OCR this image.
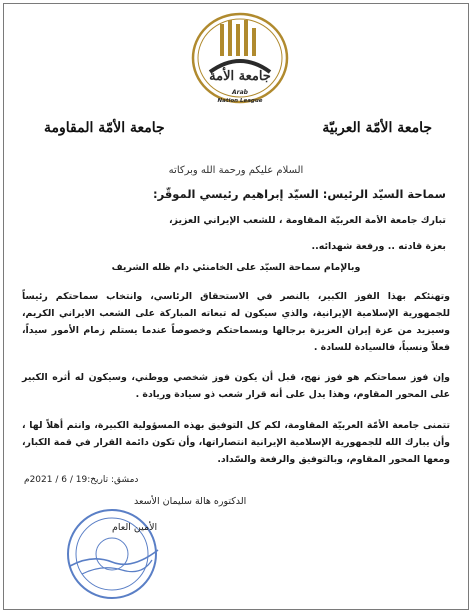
جامعة الأمة
Arab
Nation League
جامعة الأمّة العربيّة
جامعة الأمّة المقاومة
السلام عليكم ورحمة الله وبركاته
سماحة السيّد الرئيس: السيّد إبراهيم رئيسي الموقّر:
تبارك جامعة الأمة العربيّة المقاومة ، للشعب الإيراني العزيز،
بعزة قادته .. ورفعة شهدائه..
وبالإمام سماحة السيّد على الخامنئي دام ظله الشريف
وتهنئكم بهذا الفوز الكبير، بالنصر في الاستحقاق الرئاسي، وانتخاب سماحتكم رئيساً للجمهورية الإسلامية الإيرانية، والذي سيكون له تبعاته المباركة على الشعب الايراني الكريم، وسيزيد من عزة إيران العزيزة برجالها وبسماحتكم وخصوصاً عندما يستلم زمام الأمور سيداً، فعلاً ونسباً، فالسيادة للسادة .
وإن فوز سماحتكم هو فوز نهج، قبل أن يكون فوز شخصي ووطني، وسيكون له أثره الكبير على المحور المقاوم، وهذا يدل على أنه قرار شعب ذو سيادة وريادة .
تتمنى جامعة الأمّة العربيّة المقاومة، لكم كل التوفيق بهذه المسؤولية الكبيرة، وانتم أهلاً لها ، وأن يبارك الله للجمهورية الإسلامية الإيرانية انتصاراتها، وأن تكون دائمة القرار في قمة الكبار، ومعها المحور المقاوم، وبالتوفيق والرفعة والسّداد.
دمشق: تاريخ:19 / 6 / 2021م
الدكتوره هالة سليمان الأسعد
الأمين العام
